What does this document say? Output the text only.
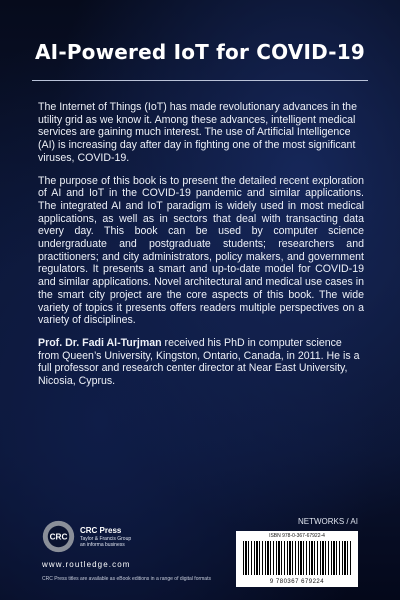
AI-Powered IoT for COVID-19

The Internet of Things (IoT) has made revolutionary advances in the utility grid as we know it. Among these advances, intelligent medical services are gaining much interest. The use of Artificial Intelligence (AI) is increasing day after day in fighting one of the most significant viruses, COVID-19.

The purpose of this book is to present the detailed recent exploration of AI and IoT in the COVID-19 pandemic and similar applications. The integrated AI and IoT paradigm is widely used in most medical applications, as well as in sectors that deal with transacting data every day. This book can be used by computer science undergraduate and postgraduate students; researchers and practitioners; and city administrators, policy makers, and government regulators. It presents a smart and up-to-date model for COVID-19 and similar applications. Novel architectural and medical use cases in the smart city project are the core aspects of this book. The wide variety of topics it presents offers readers multiple perspectives on a variety of disciplines.

Prof. Dr. Fadi Al-Turjman received his PhD in computer science from Queen’s University, Kingston, Ontario, Canada, in 2011. He is a full professor and research center director at Near East University, Nicosia, Cyprus.

CRC
CRC Press
Taylor & Francis Group
an informa business
www.routledge.com
CRC Press titles are available as eBook editions in a range of digital formats
NETWORKS / AI
ISBN 978-0-367-67922-4
9 780367 679224
